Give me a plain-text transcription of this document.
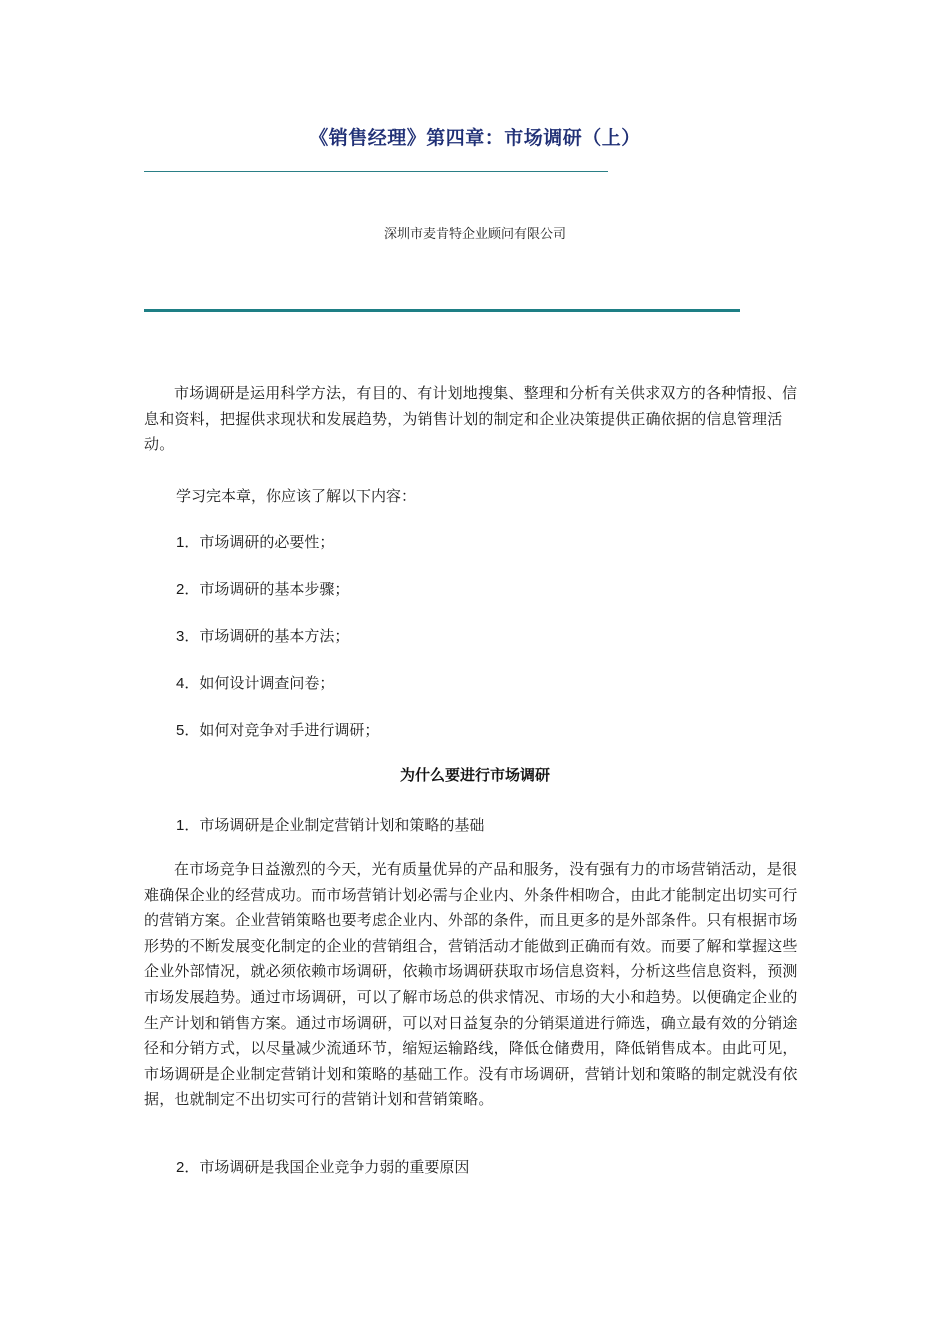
《销售经理》第四章：市场调研（上）
深圳市麦肯特企业顾问有限公司

市场调研是运用科学方法，有目的、有计划地搜集、整理和分析有关供求双方的各种情报、信息和资料，把握供求现状和发展趋势，为销售计划的制定和企业决策提供正确依据的信息管理活动。

学习完本章，你应该了解以下内容：

1．市场调研的必要性；

2．市场调研的基本步骤；

3．市场调研的基本方法；

4．如何设计调查问卷；

5．如何对竞争对手进行调研；

为什么要进行市场调研

1．市场调研是企业制定营销计划和策略的基础

在市场竞争日益激烈的今天，光有质量优异的产品和服务，没有强有力的市场营销活动，是很难确保企业的经营成功。而市场营销计划必需与企业内、外条件相吻合，由此才能制定出切实可行的营销方案。企业营销策略也要考虑企业内、外部的条件，而且更多的是外部条件。只有根据市场形势的不断发展变化制定的企业的营销组合，营销活动才能做到正确而有效。而要了解和掌握这些企业外部情况，就必须依赖市场调研，依赖市场调研获取市场信息资料，分析这些信息资料，预测市场发展趋势。通过市场调研，可以了解市场总的供求情况、市场的大小和趋势。以便确定企业的生产计划和销售方案。通过市场调研，可以对日益复杂的分销渠道进行筛选，确立最有效的分销途径和分销方式，以尽量减少流通环节，缩短运输路线，降低仓储费用，降低销售成本。由此可见，市场调研是企业制定营销计划和策略的基础工作。没有市场调研，营销计划和策略的制定就没有依据，也就制定不出切实可行的营销计划和营销策略。

2．市场调研是我国企业竞争力弱的重要原因
